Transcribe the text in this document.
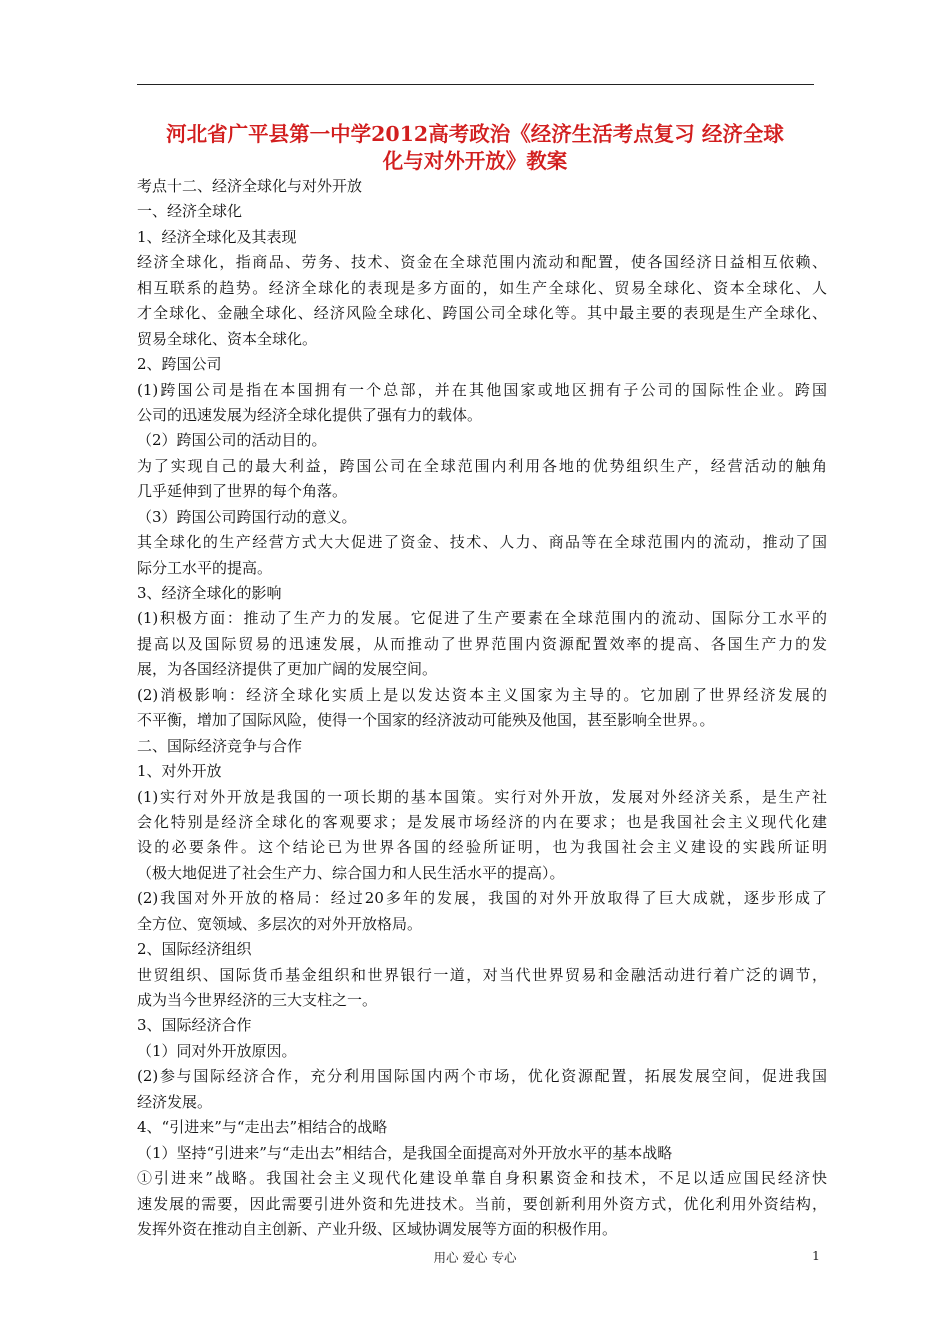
河北省广平县第一中学2012高考政治《经济生活考点复习 经济全球
化与对外开放》教案
考点十二、经济全球化与对外开放
一、经济全球化
1、经济全球化及其表现
经济全球化，指商品、劳务、技术、资金在全球范围内流动和配置，使各国经济日益相互依赖、
相互联系的趋势。经济全球化的表现是多方面的，如生产全球化、贸易全球化、资本全球化、人
才全球化、金融全球化、经济风险全球化、跨国公司全球化等。其中最主要的表现是生产全球化、
贸易全球化、资本全球化。
2、跨国公司
(1)跨国公司是指在本国拥有一个总部，并在其他国家或地区拥有子公司的国际性企业。跨国
公司的迅速发展为经济全球化提供了强有力的载体。
（2）跨国公司的活动目的。
为了实现自己的最大利益，跨国公司在全球范围内利用各地的优势组织生产，经营活动的触角
几乎延伸到了世界的每个角落。
（3）跨国公司跨国行动的意义。
其全球化的生产经营方式大大促进了资金、技术、人力、商品等在全球范围内的流动，推动了国
际分工水平的提高。
3、经济全球化的影响
(1)积极方面：推动了生产力的发展。它促进了生产要素在全球范围内的流动、国际分工水平的
提高以及国际贸易的迅速发展，从而推动了世界范围内资源配置效率的提高、各国生产力的发
展，为各国经济提供了更加广阔的发展空间。
(2)消极影响：经济全球化实质上是以发达资本主义国家为主导的。它加剧了世界经济发展的
不平衡，增加了国际风险，使得一个国家的经济波动可能殃及他国，甚至影响全世界。。
二、国际经济竞争与合作
1、对外开放
(1)实行对外开放是我国的一项长期的基本国策。实行对外开放，发展对外经济关系，是生产社
会化特别是经济全球化的客观要求；是发展市场经济的内在要求；也是我国社会主义现代化建
设的必要条件。这个结论已为世界各国的经验所证明，也为我国社会主义建设的实践所证明
（极大地促进了社会生产力、综合国力和人民生活水平的提高）。
(2)我国对外开放的格局：经过20多年的发展，我国的对外开放取得了巨大成就，逐步形成了
全方位、宽领域、多层次的对外开放格局。
2、国际经济组织
世贸组织、国际货币基金组织和世界银行一道，对当代世界贸易和金融活动进行着广泛的调节，
成为当今世界经济的三大支柱之一。
3、国际经济合作
（1）同对外开放原因。
(2)参与国际经济合作，充分利用国际国内两个市场，优化资源配置，拓展发展空间，促进我国
经济发展。
4、“引进来”与“走出去”相结合的战略
（1）坚持“引进来”与“走出去”相结合，是我国全面提高对外开放水平的基本战略
①引进来”战略。我国社会主义现代化建设单靠自身积累资金和技术，不足以适应国民经济快
速发展的需要，因此需要引进外资和先进技术。当前，要创新利用外资方式，优化利用外资结构，
发挥外资在推动自主创新、产业升级、区域协调发展等方面的积极作用。
用心 爱心 专心	1
